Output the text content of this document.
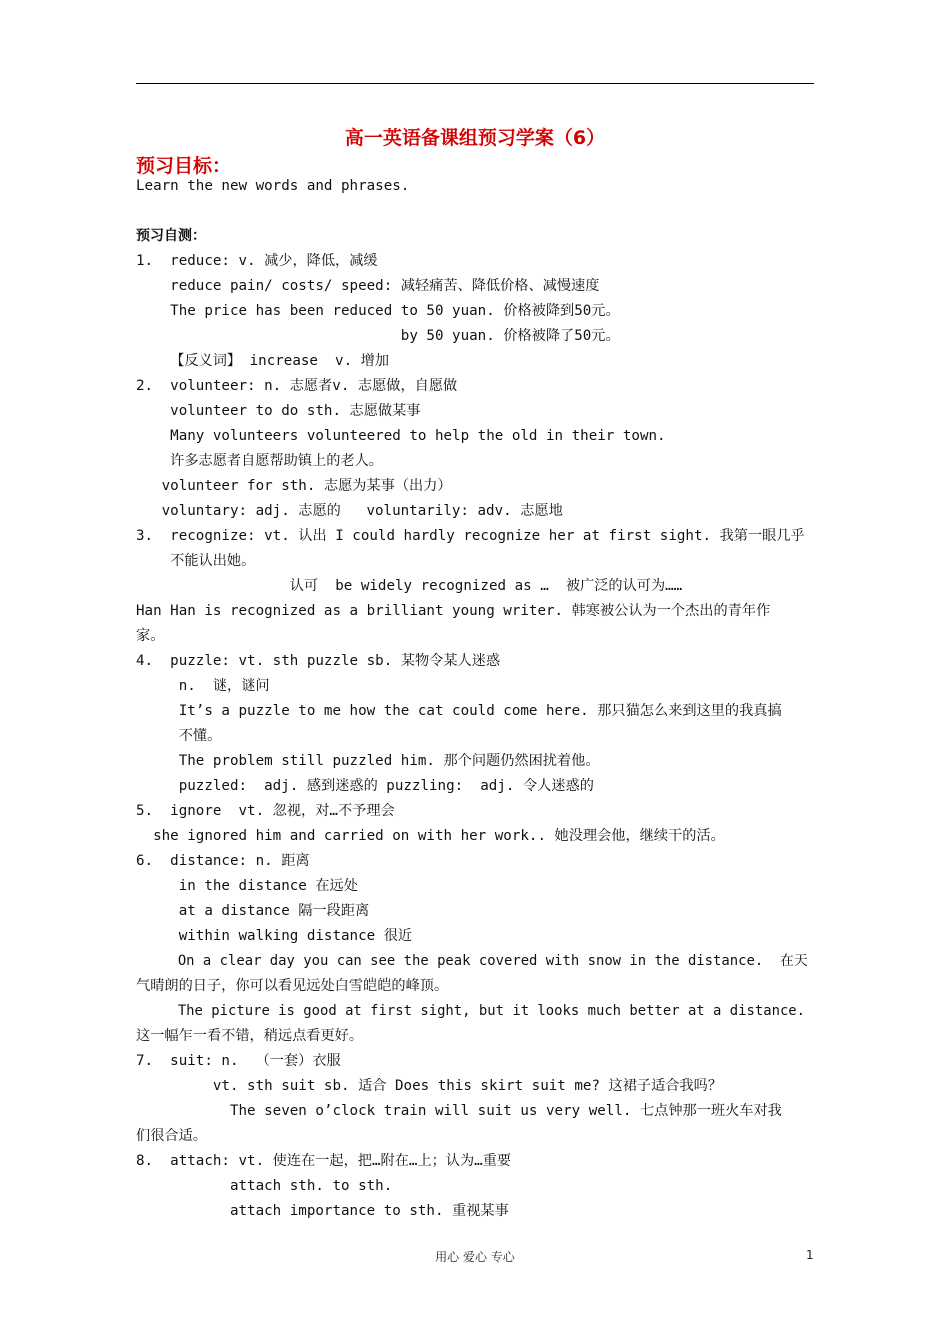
高一英语备课组预习学案（6）
预习目标：
Learn the new words and phrases.
预习自测：
1.  reduce: v. 减少，降低，减缓
reduce pain/ costs/ speed: 减轻痛苦、降低价格、减慢速度
The price has been reduced to 50 yuan. 价格被降到50元。
by 50 yuan. 价格被降了50元。
【反义词】 increase  v. 增加
2.  volunteer: n. 志愿者v. 志愿做，自愿做
volunteer to do sth. 志愿做某事
Many volunteers volunteered to help the old in their town.
许多志愿者自愿帮助镇上的老人。
volunteer for sth. 志愿为某事（出力）
voluntary: adj. 志愿的   voluntarily: adv. 志愿地
3.  recognize: vt. 认出 I could hardly recognize her at first sight. 我第一眼几乎
不能认出她。
认可  be widely recognized as …  被广泛的认可为……
Han Han is recognized as a brilliant young writer. 韩寒被公认为一个杰出的青年作
家。
4.  puzzle: vt. sth puzzle sb. 某物令某人迷惑
n.  谜，谜问
It’s a puzzle to me how the cat could come here. 那只猫怎么来到这里的我真搞
不懂。
The problem still puzzled him. 那个问题仍然困扰着他。
puzzled:  adj. 感到迷惑的 puzzling:  adj. 令人迷惑的
5.  ignore  vt. 忽视，对…不予理会
she ignored him and carried on with her work.. 她没理会他，继续干的活。
6.  distance: n. 距离
in the distance 在远处
at a distance 隔一段距离
within walking distance 很近
On a clear day you can see the peak covered with snow in the distance.  在天
气晴朗的日子，你可以看见远处白雪皑皑的峰顶。
The picture is good at first sight, but it looks much better at a distance.
这一幅乍一看不错，稍远点看更好。
7.  suit: n.  （一套）衣服
vt. sth suit sb. 适合 Does this skirt suit me? 这裙子适合我吗？
The seven o’clock train will suit us very well. 七点钟那一班火车对我
们很合适。
8.  attach: vt. 使连在一起，把…附在…上；认为…重要
attach sth. to sth.
attach importance to sth. 重视某事
用心 爱心 专心	1
